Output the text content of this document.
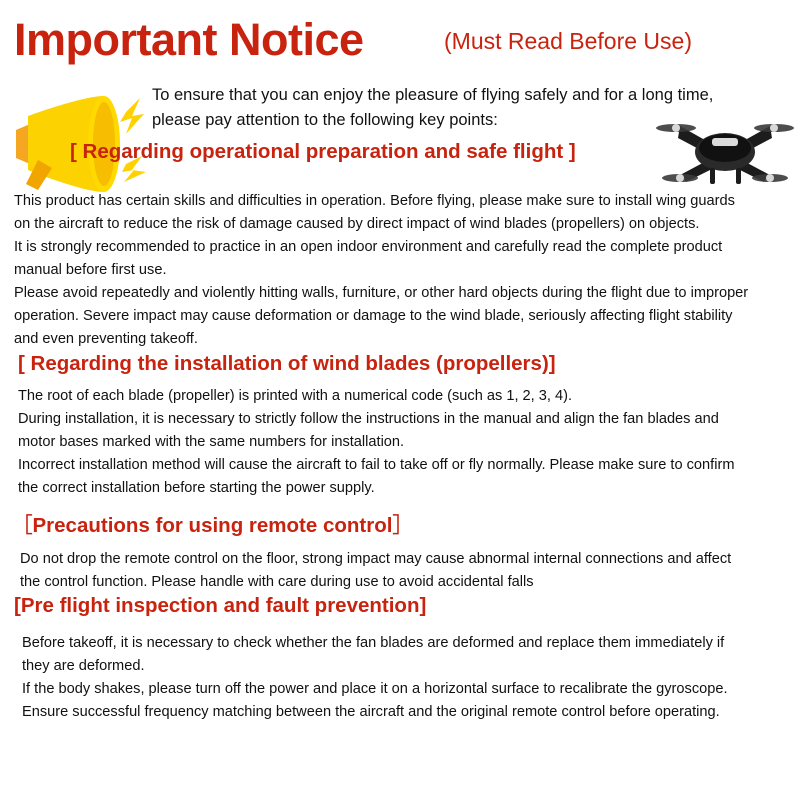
Important Notice	(Must Read Before Use)
To ensure that you can enjoy the pleasure of flying safely and for a long time, please pay attention to the following key points:
[ Regarding operational preparation and safe flight ]

This product has certain skills and difficulties in operation. Before flying, please make sure to install wing guards on the aircraft to reduce the risk of damage caused by direct impact of wind blades (propellers) on objects.

It is strongly recommended to practice in an open indoor environment and carefully read the complete product manual before first use.

Please avoid repeatedly and violently hitting walls, furniture, or other hard objects during the flight due to improper operation. Severe impact may cause deformation or damage to the wind blade, seriously affecting flight stability and even preventing takeoff.

[ Regarding the installation of wind blades (propellers)]

The root of each blade (propeller) is printed with a numerical code (such as 1, 2, 3, 4).

During installation, it is necessary to strictly follow the instructions in the manual and align the fan blades and motor bases marked with the same numbers for installation.

Incorrect installation method will cause the aircraft to fail to take off or fly normally. Please make sure to confirm the correct installation before starting the power supply.

［Precautions for using remote control］

Do not drop the remote control on the floor, strong impact may cause abnormal internal connections and affect the control function. Please handle with care during use to avoid accidental falls

[Pre flight inspection and fault prevention]

Before takeoff, it is necessary to check whether the fan blades are deformed and replace them immediately if they are deformed.

If the body shakes, please turn off the power and place it on a horizontal surface to recalibrate the gyroscope.

Ensure successful frequency matching between the aircraft and the original remote control before operating.
